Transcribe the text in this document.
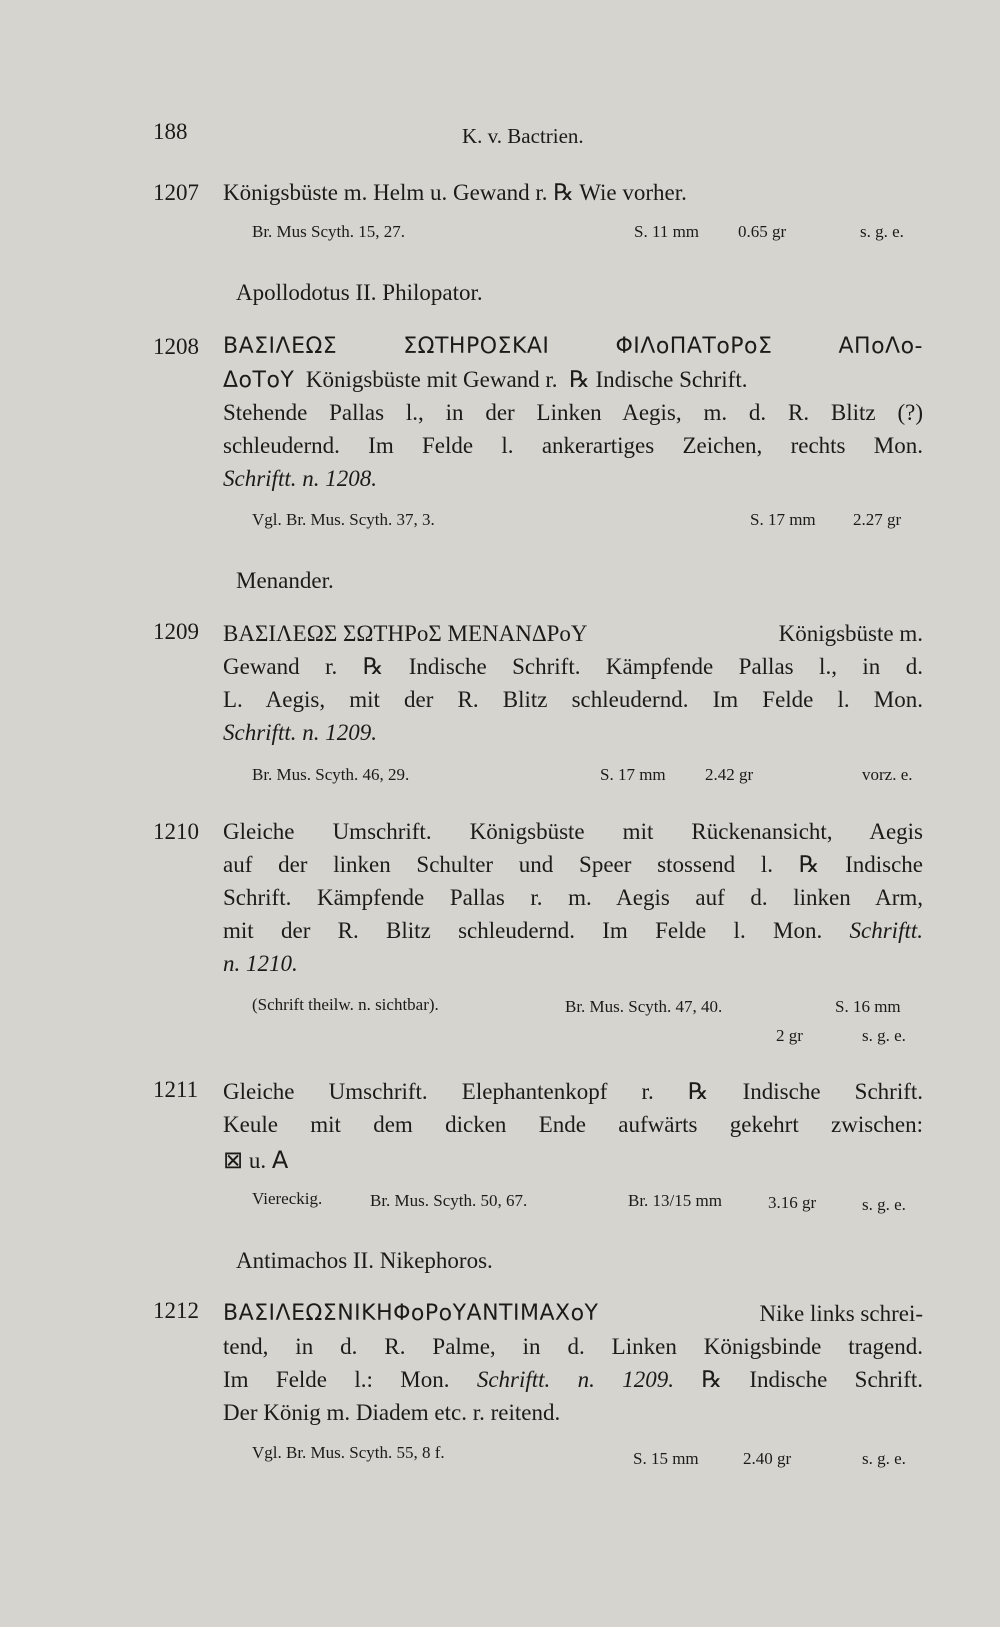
188	K. v. Bactrien.
1207 Königsbüste m. Helm u. Gewand r. ℞ Wie vorher.
Br. Mus Scyth. 15, 27.	S. 11 mm 0.65 gr	s. g. e.
Apollodotus II. Philopator.
1208 ΒΑΣΙΛΕΩΣ ΣΩΤΗΡΟΣΚΑΙ ΦΙΛοΠΑΤοΡοΣ ΑΠοΛο-
ΔοΤοΥ Königsbüste mit Gewand r. ℞ Indische Schrift.
Stehende Pallas l., in der Linken Aegis, m. d. R. Blitz (?)
schleudernd. Im Felde l. ankerartiges Zeichen, rechts Mon.
Schriftt. n. 1208.
Vgl. Br. Mus. Scyth. 37, 3.	S. 17 mm 2.27 gr
Menander.
1209 ΒΑΣΙΛΕΩΣ ΣΩΤΗΡοΣ ΜΕΝΑΝΔΡοΥ	Königsbüste m.
Gewand r. ℞ Indische Schrift. Kämpfende Pallas l., in d.
L. Aegis, mit der R. Blitz schleudernd. Im Felde l. Mon.
Schriftt. n. 1209.
Br. Mus. Scyth. 46, 29.	S. 17 mm 2.42 gr	vorz. e.
1210 Gleiche Umschrift. Königsbüste mit Rückenansicht, Aegis
auf der linken Schulter und Speer stossend l. ℞ Indische
Schrift. Kämpfende Pallas r. m. Aegis auf d. linken Arm,
mit der R. Blitz schleudernd. Im Felde l. Mon. Schriftt.
n. 1210.
(Schrift theilw. n. sichtbar).	Br. Mus. Scyth. 47, 40.	S. 16 mm
2 gr	s. g. e.
1211 Gleiche Umschrift. Elephantenkopf r. ℞ Indische Schrift.
Keule mit dem dicken Ende aufwärts gekehrt zwischen:
⊠ u. A
Viereckig.	Br. Mus. Scyth. 50, 67.	Br. 13/15 mm	3.16 gr	s. g. e.
Antimachos II. Nikephoros.
1212 ΒΑΣΙΛΕΩΣΝΙΚΗΦοΡοΥΑΝΤΙΜΑΧοΥ	Nike links schrei-
tend, in d. R. Palme, in d. Linken Königsbinde tragend.
Im Felde l.: Mon. Schriftt. n. 1209. ℞ Indische Schrift.
Der König m. Diadem etc. r. reitend.
Vgl. Br. Mus. Scyth. 55, 8 f.	S. 15 mm	2.40 gr	s. g. e.
